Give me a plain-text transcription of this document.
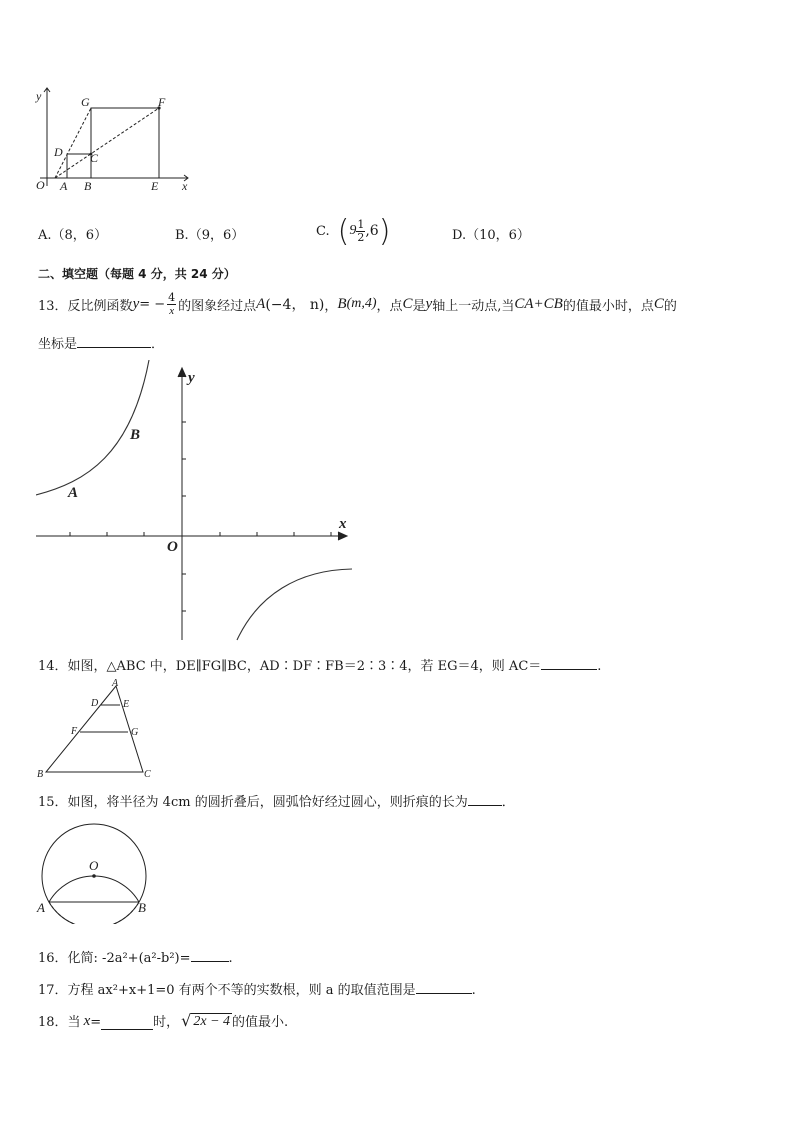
y
x
O A B	E
G	F
D C
A.（8，6）	B.（9，6）	C. ( $9 \frac{1}{2} ,6$ )	D.（10，6）
二、填空题（每题 4 分，共 24 分）
13． 反比例函数 y = − $\frac{4}{x}$ 的图象经过点 A (−4， n) ， B (m,4) ，点 C 是 y 轴上一动点,当 CA+CB 的值最小时，点 C 的
坐标是	．
y
x
O
A
B
14．如图，△ABC 中，DE∥FG∥BC，AD∶DF∶FB＝2∶3∶4，若 EG＝4，则 AC＝	.
A
D E
F	G
B	C
15．如图，将半径为 4cm 的圆折叠后，圆弧恰好经过圆心，则折痕的长为	．
O
A	B
16．化简: -2a²+(a²-b²)=	.
17．方程 ax²+x+1=0 有两个不等的实数根，则 a 的取值范围是	.
18． 当 x =	时， √ 2x − 4 的值最小.
